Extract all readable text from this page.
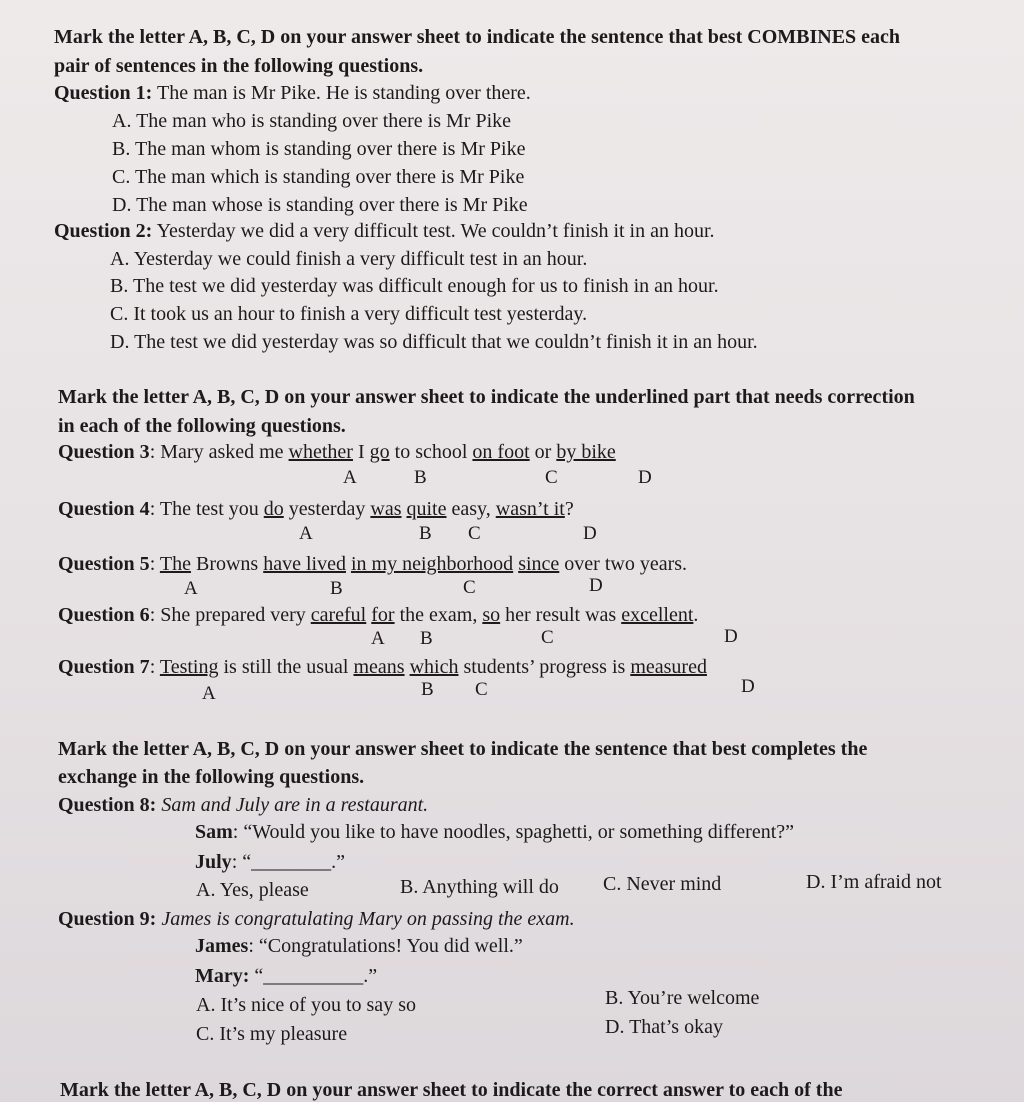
Mark the letter A, B, C, D on your answer sheet to indicate the sentence that best COMBINES each
pair of sentences in the following questions.
Question 1: The man is Mr Pike. He is standing over there.
A. The man who is standing over there is Mr Pike
B. The man whom is standing over there is Mr Pike
C. The man which is standing over there is Mr Pike
D. The man whose is standing over there is Mr Pike
Question 2: Yesterday we did a very difficult test. We couldn’t finish it in an hour.
A. Yesterday we could finish a very difficult test in an hour.
B. The test we did yesterday was difficult enough for us to finish in an hour.
C. It took us an hour to finish a very difficult test yesterday.
D. The test we did yesterday was so difficult that we couldn’t finish it in an hour.
Mark the letter A, B, C, D on your answer sheet to indicate the underlined part that needs correction
in each of the following questions.
Question 3: Mary asked me whether I go to school on foot or by bike
A	B	C	D
Question 4: The test you do yesterday was quite easy, wasn’t it?
A	B C	D
Question 5: The Browns have lived in my neighborhood since over two years.
A	B	C	D
Question 6: She prepared very careful for the exam, so her result was excellent.
A B	C	D
Question 7: Testing is still the usual means which students’ progress is measured
A	B C	D
Mark the letter A, B, C, D on your answer sheet to indicate the sentence that best completes the
exchange in the following questions.
Question 8: Sam and July are in a restaurant.
Sam: “Would you like to have noodles, spaghetti, or something different?”
July: “________.”
A. Yes, please	B. Anything will do C. Never mind	D. I’m afraid not
Question 9: James is congratulating Mary on passing the exam.
James: “Congratulations! You did well.”
Mary: “__________.”
A. It’s nice of you to say so	B. You’re welcome
C. It’s my pleasure	D. That’s okay
Mark the letter A, B, C, D on your answer sheet to indicate the correct answer to each of the
